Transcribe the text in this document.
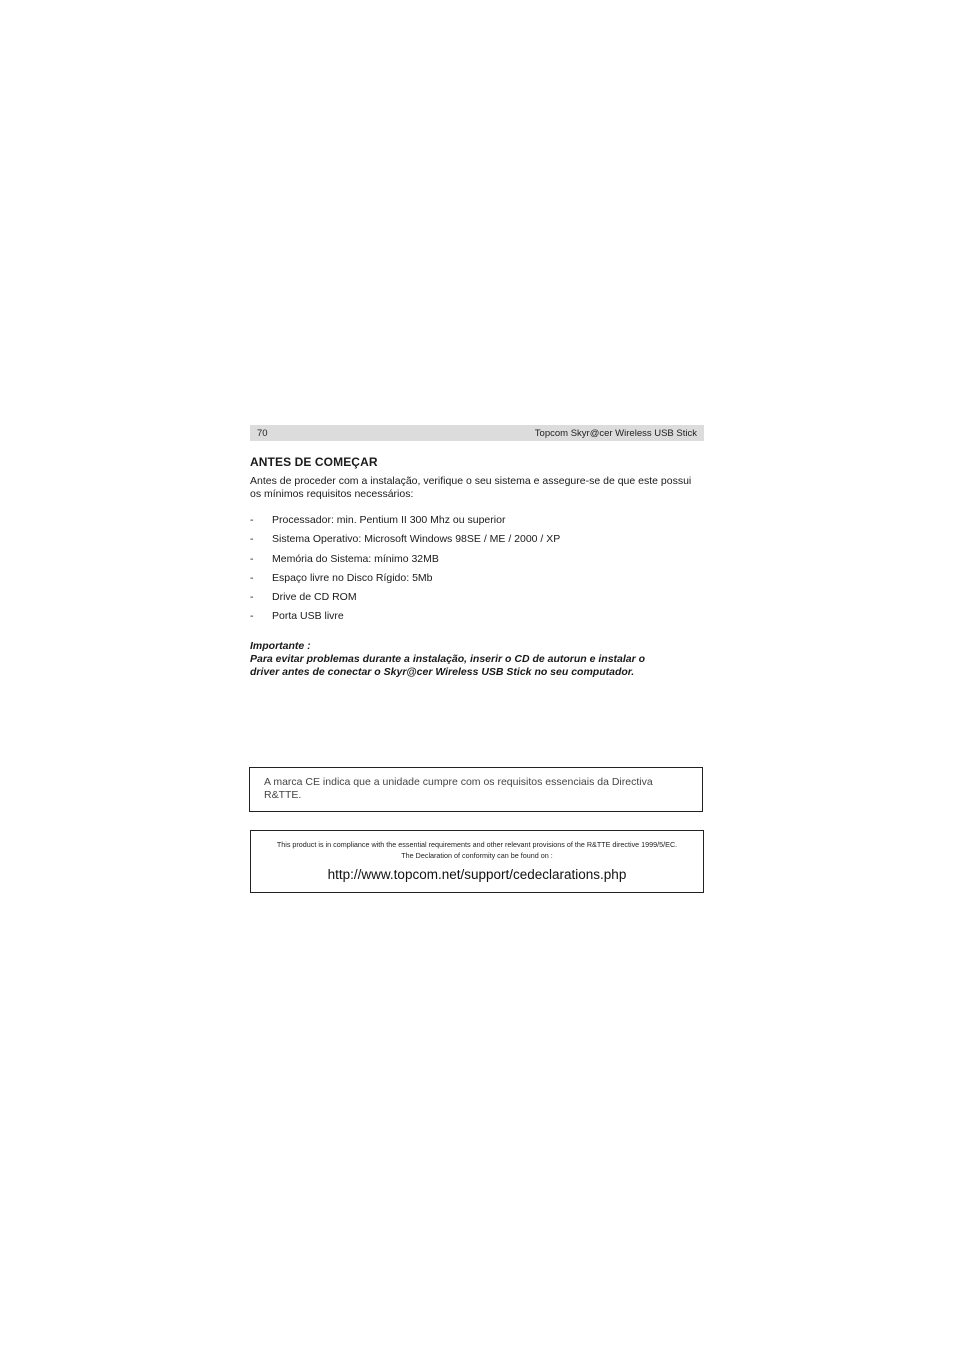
70	Topcom Skyr@cer Wireless USB Stick
ANTES DE COMEÇAR
Antes de proceder com a instalação, verifique o seu sistema e assegure-se de que este possui os mínimos requisitos necessários:
-	Processador: min. Pentium II 300 Mhz ou superior
-	Sistema Operativo: Microsoft Windows 98SE / ME / 2000 / XP
-	Memória do Sistema: mínimo 32MB
-	Espaço livre no Disco Rígido: 5Mb
-	Drive de CD ROM
-	Porta USB livre
Importante :
Para evitar problemas durante a instalação, inserir o CD de autorun e instalar o
driver antes de conectar o Skyr@cer Wireless USB Stick no seu computador.
A marca CE indica que a unidade cumpre com os requisitos essenciais da Directiva R&TTE.
This product is in compliance with the essential requirements and other relevant provisions of the R&TTE directive 1999/5/EC.
The Declaration of conformity can be found on :
http://www.topcom.net/support/cedeclarations.php
